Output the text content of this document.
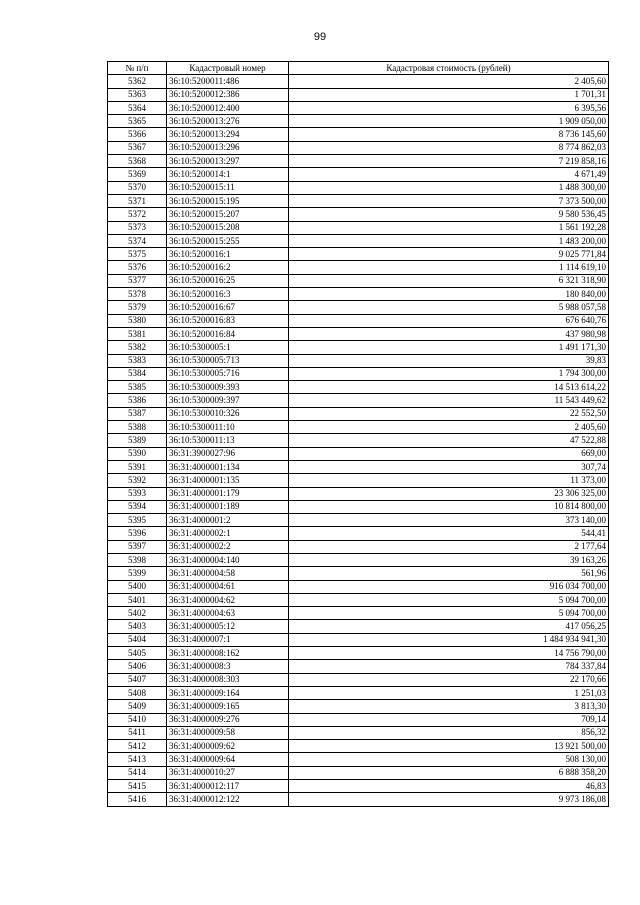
99
№ п/п	Кадастровый номер	Кадастровая стоимость (рублей)
5362	36:10:5200011:486	2 405,60
5363	36:10:5200012:386	1 701,31
5364	36:10:5200012:400	6 395,56
5365	36:10:5200013:276	1 909 050,00
5366	36:10:5200013:294	8 736 145,60
5367	36:10:5200013:296	8 774 862,03
5368	36:10:5200013:297	7 219 858,16
5369	36:10:5200014:1	4 671,49
5370	36:10:5200015:11	1 488 300,00
5371	36:10:5200015:195	7 373 500,00
5372	36:10:5200015:207	9 580 536,45
5373	36:10:5200015:208	1 561 192,28
5374	36:10:5200015:255	1 483 200,00
5375	36:10:5200016:1	9 025 771,84
5376	36:10:5200016:2	1 114 619,10
5377	36:10:5200016:25	6 321 318,90
5378	36:10:5200016:3	180 840,00
5379	36:10:5200016:67	5 988 057,58
5380	36:10:5200016:83	676 640,76
5381	36:10:5200016:84	437 980,98
5382	36:10:5300005:1	1 491 171,30
5383	36:10:5300005:713	39,83
5384	36:10:5300005:716	1 794 300,00
5385	36:10:5300009:393	14 513 614,22
5386	36:10:5300009:397	11 543 449,62
5387	36:10:5300010:326	22 552,50
5388	36:10:5300011:10	2 405,60
5389	36:10:5300011:13	47 522,88
5390	36:31:3900027:96	669,00
5391	36:31:4000001:134	307,74
5392	36:31:4000001:135	11 373,00
5393	36:31:4000001:179	23 306 325,00
5394	36:31:4000001:189	10 814 800,00
5395	36:31:4000001:2	373 140,00
5396	36:31:4000002:1	544,41
5397	36:31:4000002:2	2 177,64
5398	36:31:4000004:140	39 163,26
5399	36:31:4000004:58	561,96
5400	36:31:4000004:61	916 034 700,00
5401	36:31:4000004:62	5 094 700,00
5402	36:31:4000004:63	5 094 700,00
5403	36:31:4000005:12	417 056,25
5404	36:31:4000007:1	1 484 934 941,30
5405	36:31:4000008:162	14 756 790,00
5406	36:31:4000008:3	784 337,84
5407	36:31:4000008:303	22 170,66
5408	36:31:4000009:164	1 251,03
5409	36:31:4000009:165	3 813,30
5410	36:31:4000009:276	709,14
5411	36:31:4000009:58	856,32
5412	36:31:4000009:62	13 921 500,00
5413	36:31:4000009:64	508 130,00
5414	36:31:4000010:27	6 888 358,20
5415	36:31:4000012:117	46,83
5416	36:31:4000012:122	9 973 186,08
